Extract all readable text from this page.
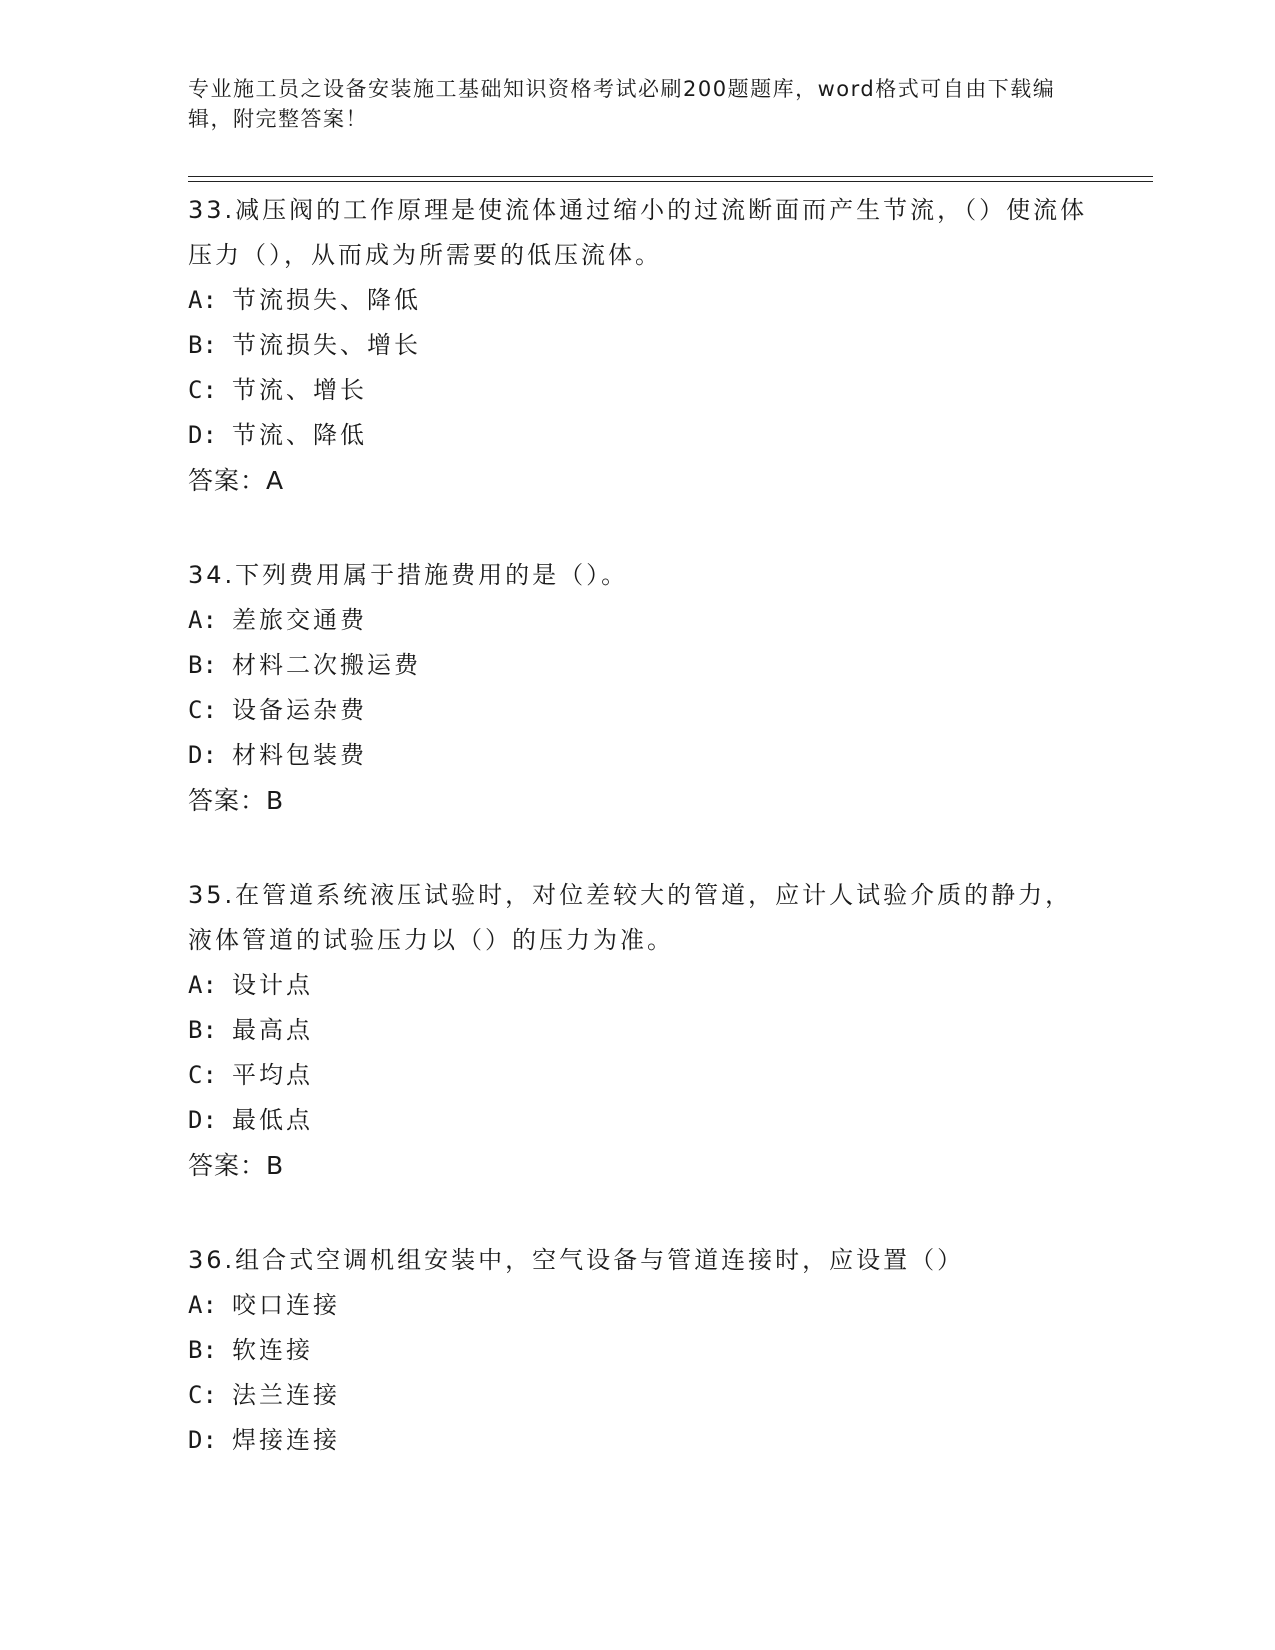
专业施工员之设备安装施工基础知识资格考试必刷200题题库，word格式可自由下载编辑，附完整答案！
33.减压阀的工作原理是使流体通过缩小的过流断面而产生节流，（）使流体压力（），从而成为所需要的低压流体。
A: 节流损失、降低
B: 节流损失、增长
C: 节流、增长
D: 节流、降低
答案：A
34.下列费用属于措施费用的是（）。
A: 差旅交通费
B: 材料二次搬运费
C: 设备运杂费
D: 材料包装费
答案：B
35.在管道系统液压试验时，对位差较大的管道，应计人试验介质的静力，液体管道的试验压力以（）的压力为准。
A: 设计点
B: 最高点
C: 平均点
D: 最低点
答案：B
36.组合式空调机组安装中，空气设备与管道连接时，应设置（）
A: 咬口连接
B: 软连接
C: 法兰连接
D: 焊接连接
